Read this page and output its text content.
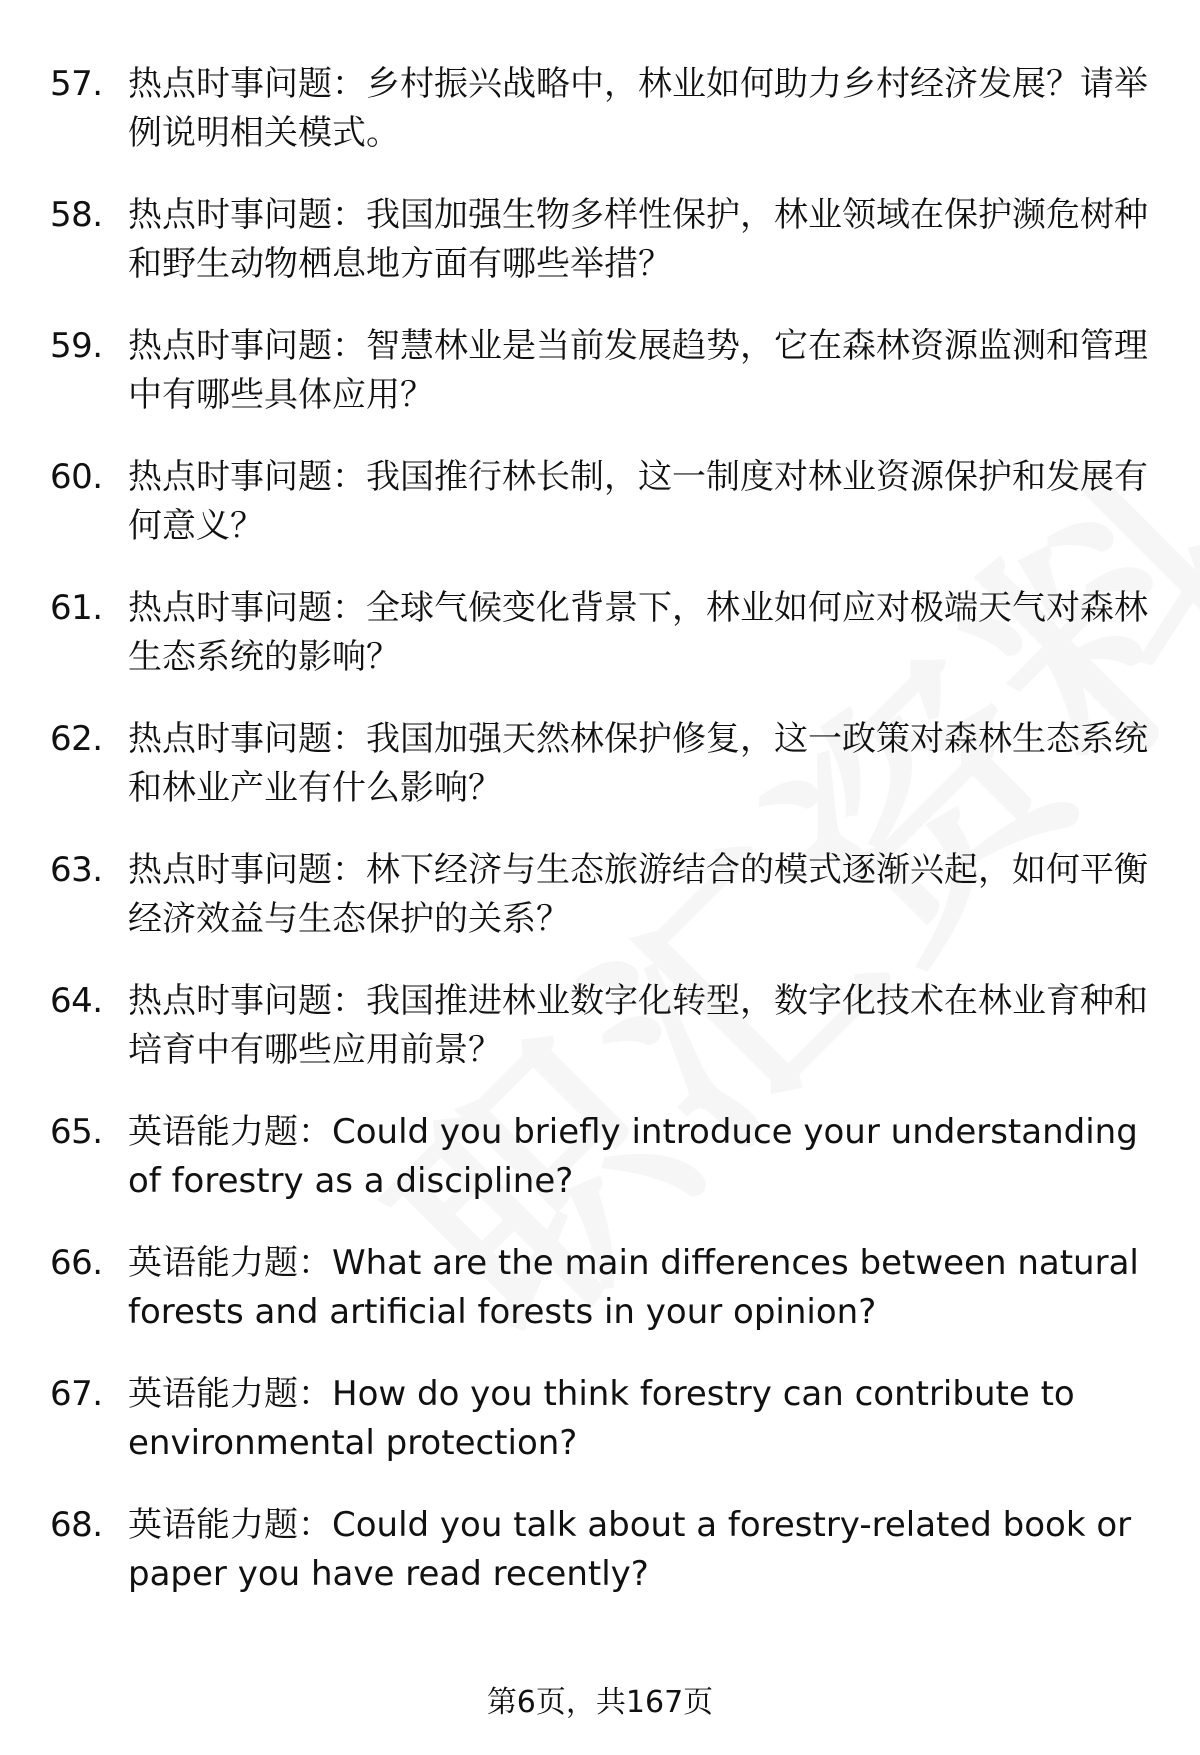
57. 热点时事问题：乡村振兴战略中，林业如何助力乡村经济发展？请举例说明相关模式。
58. 热点时事问题：我国加强生物多样性保护，林业领域在保护濒危树种和野生动物栖息地方面有哪些举措？
59. 热点时事问题：智慧林业是当前发展趋势，它在森林资源监测和管理中有哪些具体应用？
60. 热点时事问题：我国推行林长制，这一制度对林业资源保护和发展有何意义？
61. 热点时事问题：全球气候变化背景下，林业如何应对极端天气对森林生态系统的影响？
62. 热点时事问题：我国加强天然林保护修复，这一政策对森林生态系统和林业产业有什么影响？
63. 热点时事问题：林下经济与生态旅游结合的模式逐渐兴起，如何平衡经济效益与生态保护的关系？
64. 热点时事问题：我国推进林业数字化转型，数字化技术在林业育种和培育中有哪些应用前景？
65. 英语能力题：Could you briefly introduce your understanding of forestry as a discipline?
66. 英语能力题：What are the main differences between natural forests and artificial forests in your opinion?
67. 英语能力题：How do you think forestry can contribute to environmental protection?
68. 英语能力题：Could you talk about a forestry-related book or paper you have read recently?
第6页，共167页
